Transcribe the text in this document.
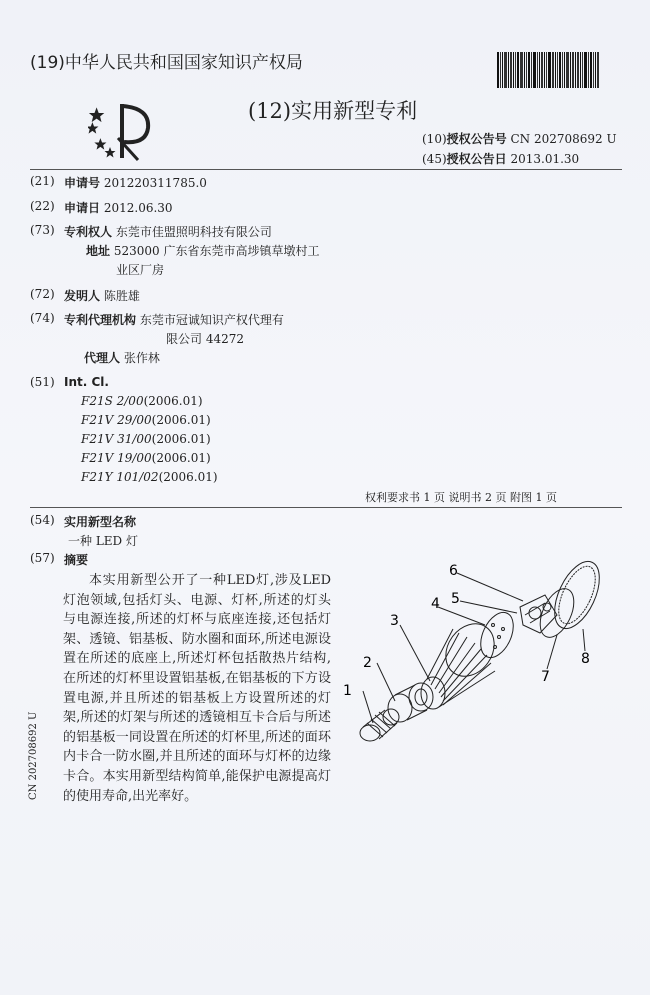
(19)中华人民共和国国家知识产权局
(12)实用新型专利
(10)授权公告号 CN 202708692 U
(45)授权公告日 2013.01.30
(21) 申请号 201220311785.0
(22) 申请日 2012.06.30
(73) 专利权人 东莞市佳盟照明科技有限公司
地址 523000 广东省东莞市高埗镇草墩村工
业区厂房
(72) 发明人 陈胜雄
(74) 专利代理机构 东莞市冠诚知识产权代理有
限公司 44272
代理人 张作林
(51) Int. Cl.
F21S 2/00(2006.01)
F21V 29/00(2006.01)
F21V 31/00(2006.01)
F21V 19/00(2006.01)
F21Y 101/02(2006.01)
权利要求书 1 页 说明书 2 页 附图 1 页
(54) 实用新型名称
一种 LED 灯
(57) 摘要
本实用新型公开了一种LED灯,涉及LED灯泡领域,包括灯头、电源、灯杯,所述的灯头与电源连接,所述的灯杯与底座连接,还包括灯架、透镜、铝基板、防水圈和面环,所述电源设置在所述的底座上,所述灯杯包括散热片结构,在所述的灯杯里设置铝基板,在铝基板的下方设置电源,并且所述的铝基板上方设置所述的灯架,所述的灯架与所述的透镜相互卡合后与所述的铝基板一同设置在所述的灯杯里,所述的面环内卡合一防水圈,并且所述的面环与灯杯的边缘卡合。本实用新型结构简单,能保护电源提高灯的使用寿命,出光率好。
1
2
3
4 5
6
7
8
CN 202708692 U
